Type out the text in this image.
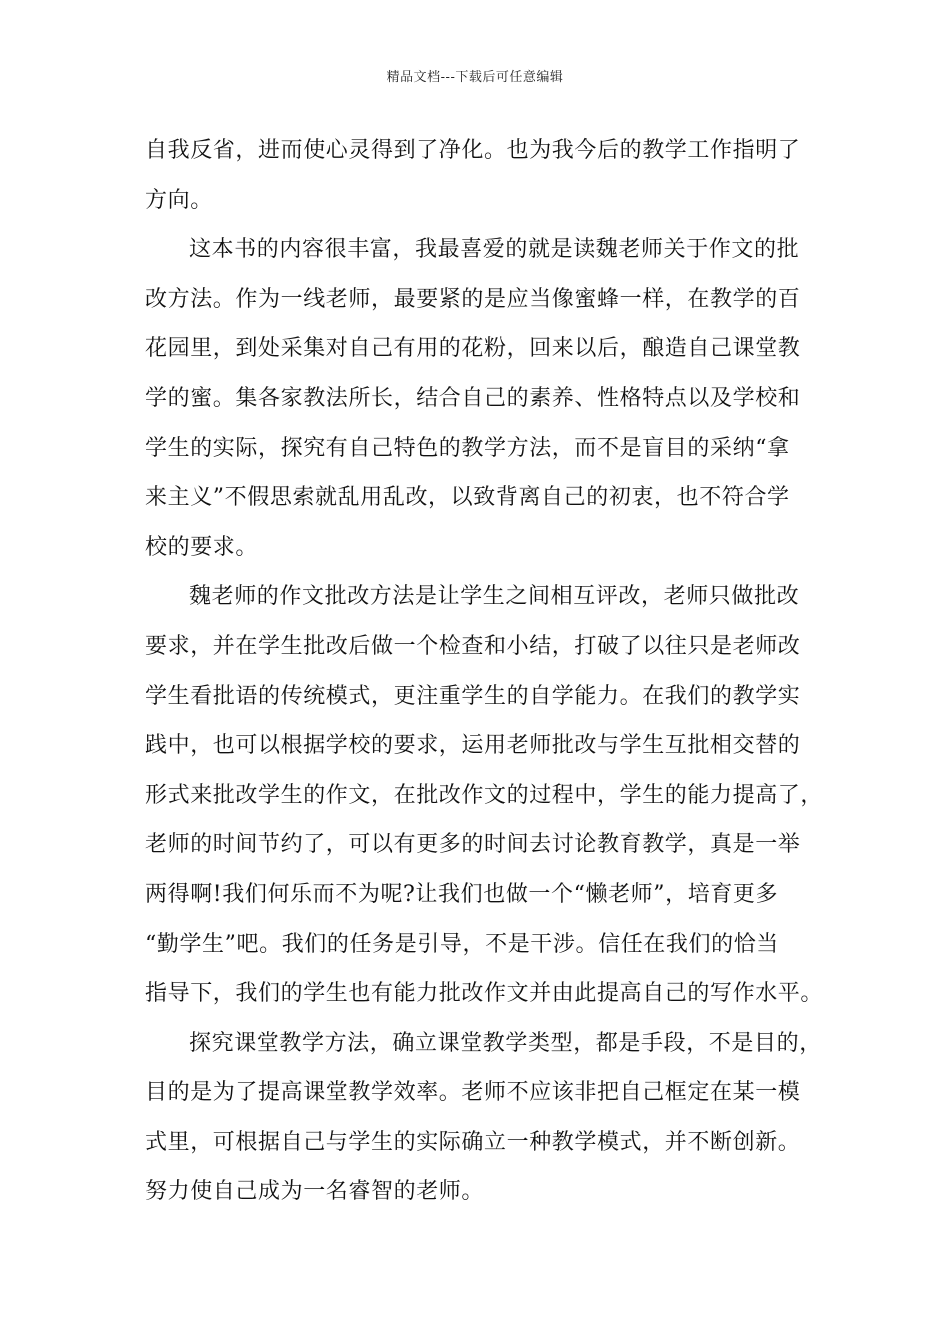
精品文档---下载后可任意编辑
自我反省，进而使心灵得到了净化。也为我今后的教学工作指明了
方向。
这本书的内容很丰富，我最喜爱的就是读魏老师关于作文的批
改方法。作为一线老师，最要紧的是应当像蜜蜂一样，在教学的百
花园里，到处采集对自己有用的花粉，回来以后，酿造自己课堂教
学的蜜。集各家教法所长，结合自己的素养、性格特点以及学校和
学生的实际，探究有自己特色的教学方法，而不是盲目的采纳“拿
来主义”不假思索就乱用乱改，以致背离自己的初衷，也不符合学
校的要求。
魏老师的作文批改方法是让学生之间相互评改，老师只做批改
要求，并在学生批改后做一个检查和小结，打破了以往只是老师改
学生看批语的传统模式，更注重学生的自学能力。在我们的教学实
践中，也可以根据学校的要求，运用老师批改与学生互批相交替的
形式来批改学生的作文，在批改作文的过程中，学生的能力提高了，
老师的时间节约了，可以有更多的时间去讨论教育教学，真是一举
两得啊!我们何乐而不为呢?让我们也做一个“懒老师”，培育更多
“勤学生”吧。我们的任务是引导，不是干涉。信任在我们的恰当
指导下，我们的学生也有能力批改作文并由此提高自己的写作水平。
探究课堂教学方法，确立课堂教学类型，都是手段，不是目的，
目的是为了提高课堂教学效率。老师不应该非把自己框定在某一模
式里，可根据自己与学生的实际确立一种教学模式，并不断创新。
努力使自己成为一名睿智的老师。
